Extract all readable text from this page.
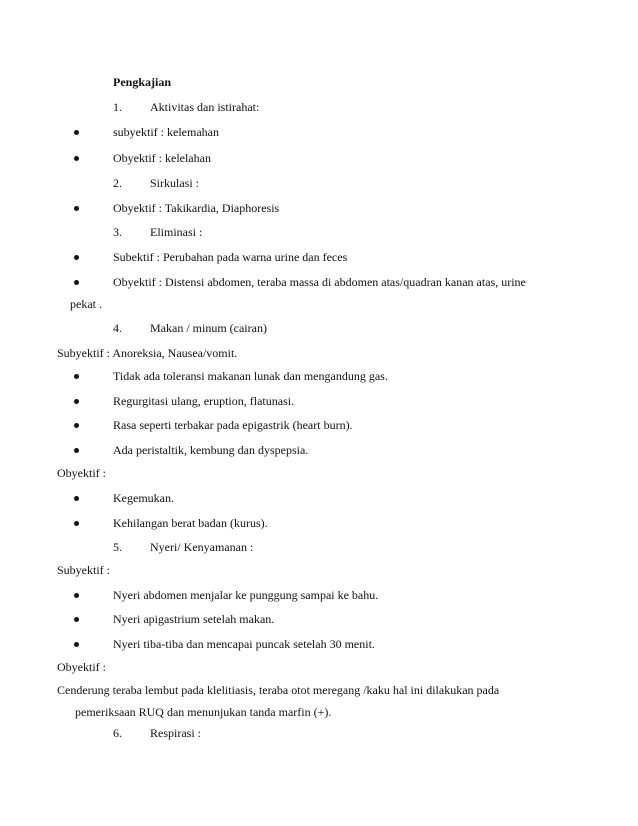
Pengkajian
1. Aktivitas dan istirahat:
subyektif : kelemahan
Obyektif : kelelahan
2. Sirkulasi :
Obyektif : Takikardia, Diaphoresis
3. Eliminasi :
Subektif : Perubahan pada warna urine dan feces
Obyektif : Distensi abdomen, teraba massa di abdomen atas/quadran kanan atas, urine
pekat .
4. Makan / minum (cairan)
Subyektif : Anoreksia, Nausea/vomit.
Tidak ada toleransi makanan lunak dan mengandung gas.
Regurgitasi ulang, eruption, flatunasi.
Rasa seperti terbakar pada epigastrik (heart burn).
Ada peristaltik, kembung dan dyspepsia.
Obyektif :
Kegemukan.
Kehilangan berat badan (kurus).
5. Nyeri/ Kenyamanan :
Subyektif :
Nyeri abdomen menjalar ke punggung sampai ke bahu.
Nyeri apigastrium setelah makan.
Nyeri tiba-tiba dan mencapai puncak setelah 30 menit.
Obyektif :
Cenderung teraba lembut pada klelitiasis, teraba otot meregang /kaku hal ini dilakukan pada
pemeriksaan RUQ dan menunjukan tanda marfin (+).
6. Respirasi :
